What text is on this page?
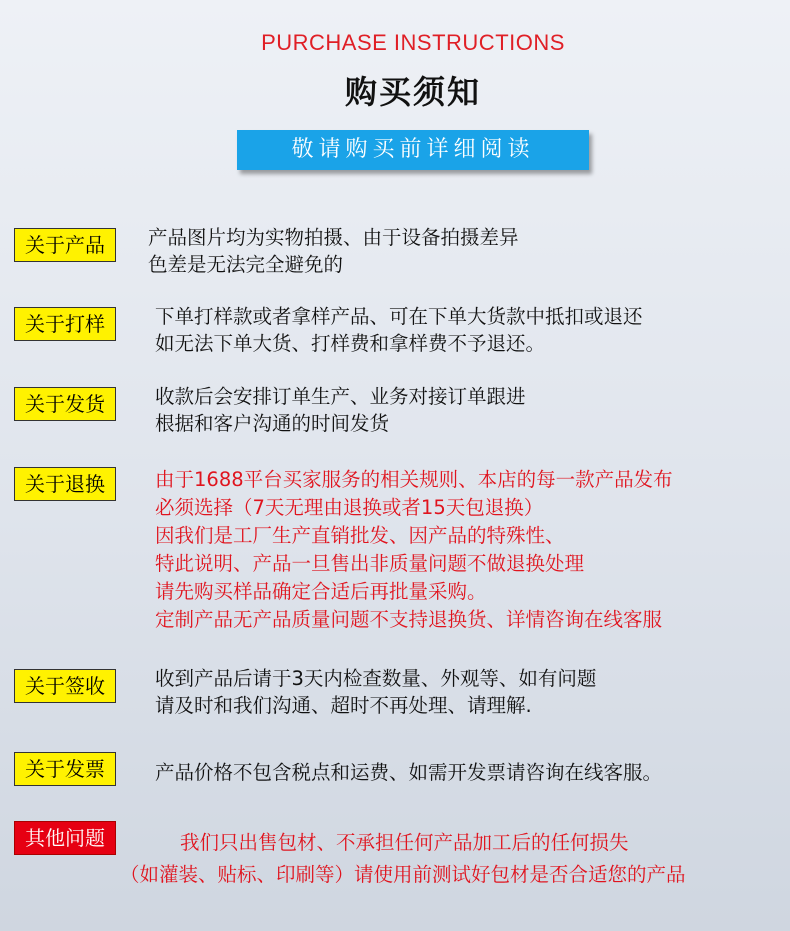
PURCHASE INSTRUCTIONS
购买须知
敬请购买前详细阅读
关于产品	产品图片均为实物拍摄、由于设备拍摄差异
色差是无法完全避免的
关于打样	下单打样款或者拿样产品、可在下单大货款中抵扣或退还
如无法下单大货、打样费和拿样费不予退还。
关于发货	收款后会安排订单生产、业务对接订单跟进
根据和客户沟通的时间发货
关于退换	由于1688平台买家服务的相关规则、本店的每一款产品发布
必须选择（7天无理由退换或者15天包退换）
因我们是工厂生产直销批发、因产品的特殊性、
特此说明、产品一旦售出非质量问题不做退换处理
请先购买样品确定合适后再批量采购。
定制产品无产品质量问题不支持退换货、详情咨询在线客服
关于签收	收到产品后请于3天内检查数量、外观等、如有问题
请及时和我们沟通、超时不再处理、请理解.
关于发票	产品价格不包含税点和运费、如需开发票请咨询在线客服。
其他问题	我们只出售包材、不承担任何产品加工后的任何损失
（如灌装、贴标、印刷等）请使用前测试好包材是否合适您的产品
